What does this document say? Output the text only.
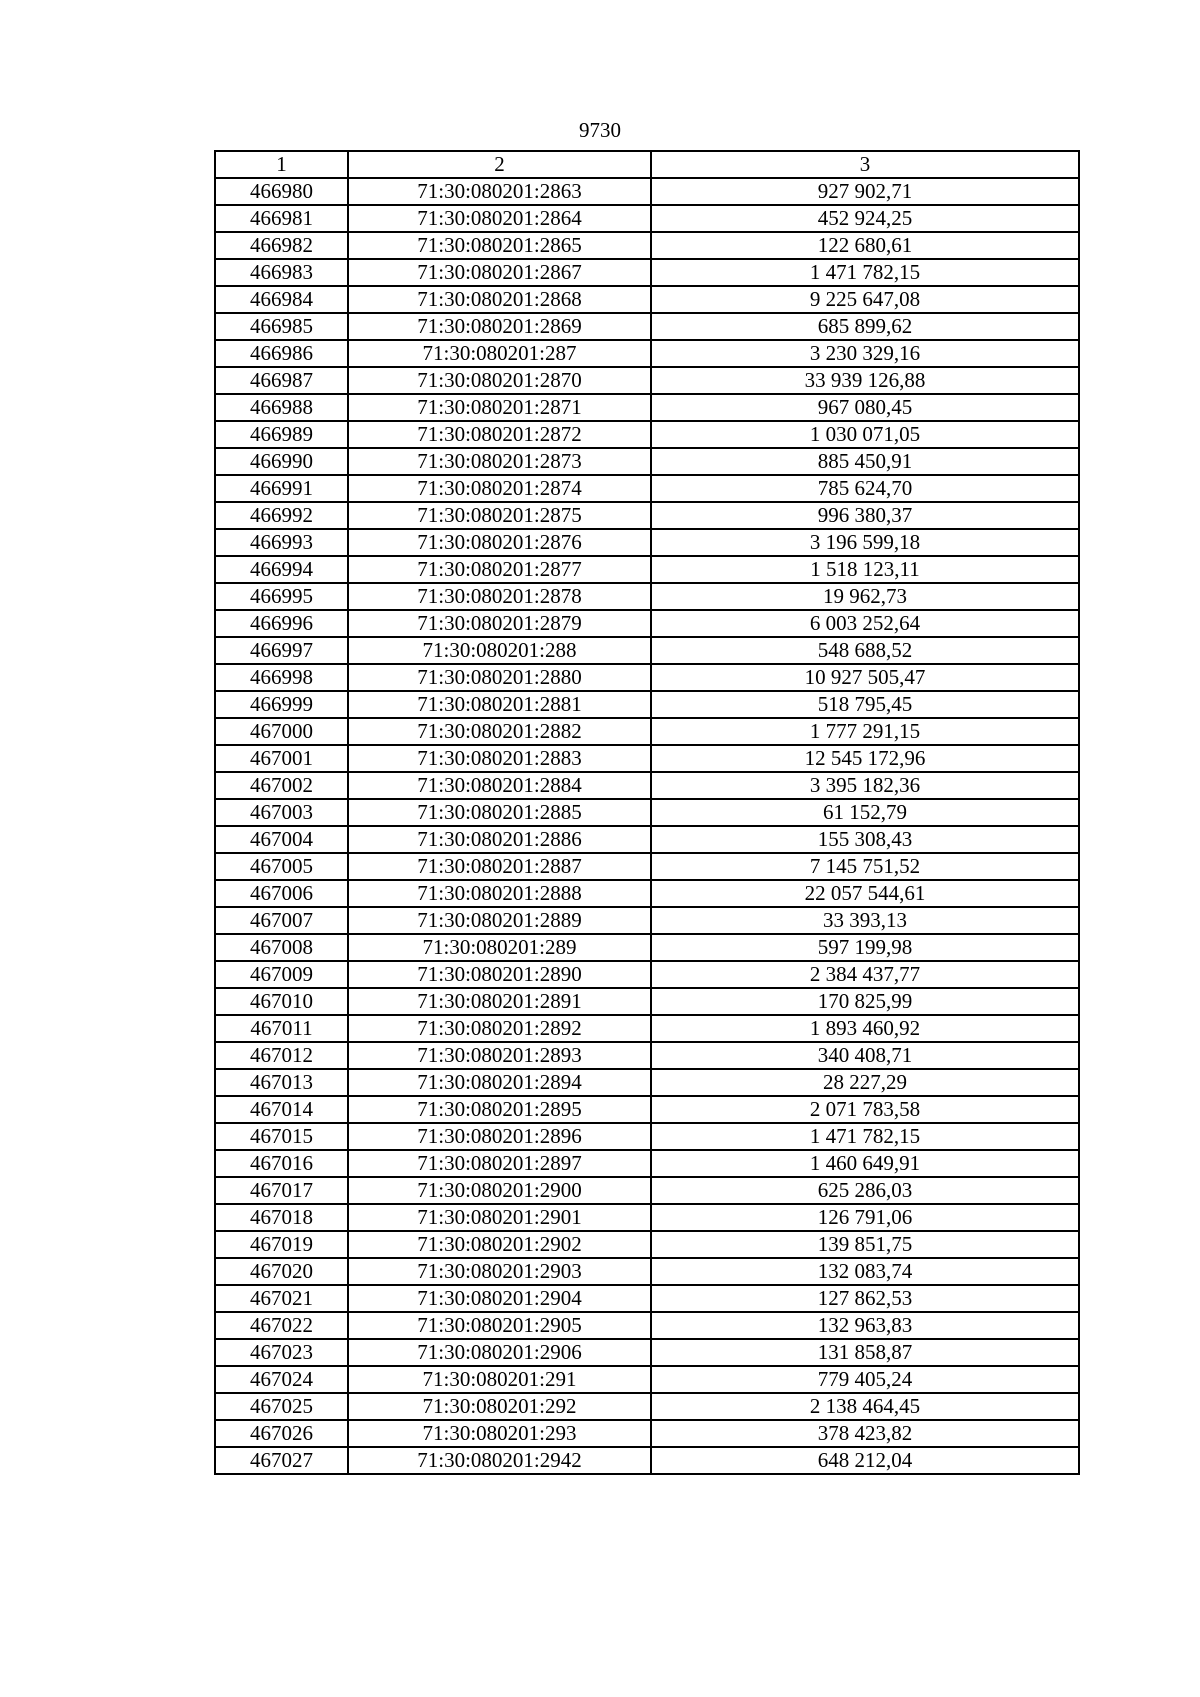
9730
1	2	3
466980	71:30:080201:2863	927 902,71
466981	71:30:080201:2864	452 924,25
466982	71:30:080201:2865	122 680,61
466983	71:30:080201:2867	1 471 782,15
466984	71:30:080201:2868	9 225 647,08
466985	71:30:080201:2869	685 899,62
466986	71:30:080201:287	3 230 329,16
466987	71:30:080201:2870	33 939 126,88
466988	71:30:080201:2871	967 080,45
466989	71:30:080201:2872	1 030 071,05
466990	71:30:080201:2873	885 450,91
466991	71:30:080201:2874	785 624,70
466992	71:30:080201:2875	996 380,37
466993	71:30:080201:2876	3 196 599,18
466994	71:30:080201:2877	1 518 123,11
466995	71:30:080201:2878	19 962,73
466996	71:30:080201:2879	6 003 252,64
466997	71:30:080201:288	548 688,52
466998	71:30:080201:2880	10 927 505,47
466999	71:30:080201:2881	518 795,45
467000	71:30:080201:2882	1 777 291,15
467001	71:30:080201:2883	12 545 172,96
467002	71:30:080201:2884	3 395 182,36
467003	71:30:080201:2885	61 152,79
467004	71:30:080201:2886	155 308,43
467005	71:30:080201:2887	7 145 751,52
467006	71:30:080201:2888	22 057 544,61
467007	71:30:080201:2889	33 393,13
467008	71:30:080201:289	597 199,98
467009	71:30:080201:2890	2 384 437,77
467010	71:30:080201:2891	170 825,99
467011	71:30:080201:2892	1 893 460,92
467012	71:30:080201:2893	340 408,71
467013	71:30:080201:2894	28 227,29
467014	71:30:080201:2895	2 071 783,58
467015	71:30:080201:2896	1 471 782,15
467016	71:30:080201:2897	1 460 649,91
467017	71:30:080201:2900	625 286,03
467018	71:30:080201:2901	126 791,06
467019	71:30:080201:2902	139 851,75
467020	71:30:080201:2903	132 083,74
467021	71:30:080201:2904	127 862,53
467022	71:30:080201:2905	132 963,83
467023	71:30:080201:2906	131 858,87
467024	71:30:080201:291	779 405,24
467025	71:30:080201:292	2 138 464,45
467026	71:30:080201:293	378 423,82
467027	71:30:080201:2942	648 212,04
